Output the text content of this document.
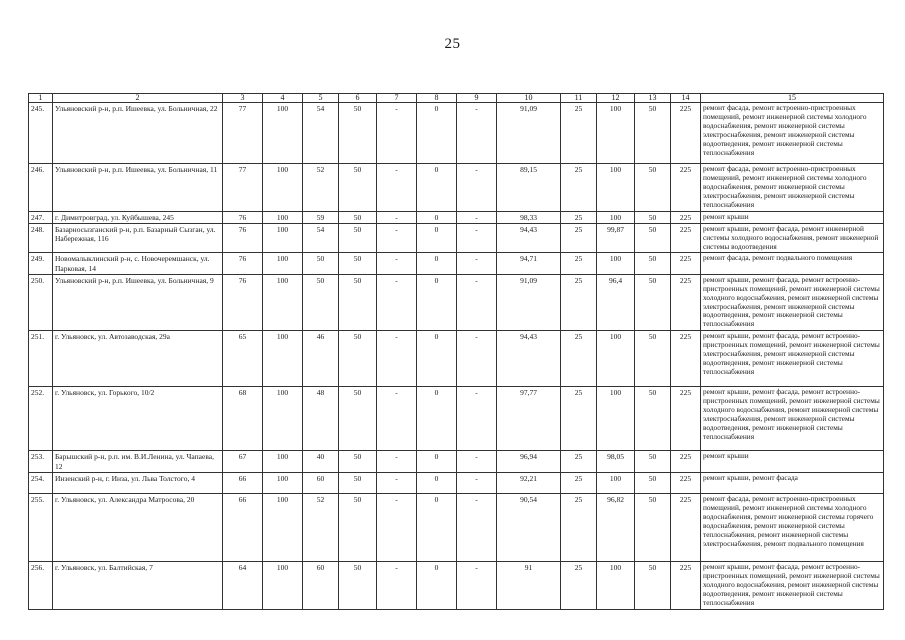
25
1	2	3	4	5	6	7	8	9	10	11	12	13	14	15
245.	Ульяновский р-н, р.п. Ишеевка, ул. Больничная, 22	77	100	54	50	-	0	-	91,09	25	100	50	225	ремонт фасада, ремонт встроенно-пристроенных помещений, ремонт инженерной системы холодного водоснабжения, ремонт инженерной системы электроснабжения, ремонт инженерной системы водоотведения, ремонт инженерной системы теплоснабжения
246.	Ульяновский р-н, р.п. Ишеевка, ул. Больничная, 11	77	100	52	50	-	0	-	89,15	25	100	50	225	ремонт фасада, ремонт встроенно-пристроенных помещений, ремонт инженерной системы холодного водоснабжения, ремонт инженерной системы электроснабжения, ремонт инженерной системы теплоснабжения
247.	г. Димитровград, ул. Куйбышева, 245	76	100	59	50	-	0	-	98,33	25	100	50	225	ремонт крыши
248.	Базарносызганский р-н, р.п. Базарный Сызган, ул. Набережная, 116	76	100	54	50	-	0	-	94,43	25	99,87	50	225	ремонт крыши, ремонт фасада, ремонт инженерной системы холодного водоснабжения, ремонт инженерной системы водоотведения
249.	Новомалыклинский р-н, с. Новочеремшанск, ул. Парковая, 14	76	100	50	50	-	0	-	94,71	25	100	50	225	ремонт фасада, ремонт подвального помещения
250.	Ульяновский р-н, р.п. Ишеевка, ул. Больничная, 9	76	100	50	50	-	0	-	91,09	25	96,4	50	225	ремонт крыши, ремонт фасада, ремонт встроенно-пристроенных помещений, ремонт инженерной системы холодного водоснабжения, ремонт инженерной системы электроснабжения, ремонт инженерной системы водоотведения, ремонт инженерной системы теплоснабжения
251.	г. Ульяновск, ул. Автозаводская, 29а	65	100	46	50	-	0	-	94,43	25	100	50	225	ремонт крыши, ремонт фасада, ремонт встроенно-пристроенных помещений, ремонт инженерной системы электроснабжения, ремонт инженерной системы водоотведения, ремонт инженерной системы теплоснабжения
252.	г. Ульяновск, ул. Горького, 10/2	68	100	48	50	-	0	-	97,77	25	100	50	225	ремонт крыши, ремонт фасада, ремонт встроенно-пристроенных помещений, ремонт инженерной системы холодного водоснабжения, ремонт инженерной системы электроснабжения, ремонт инженерной системы водоотведения, ремонт инженерной системы теплоснабжения
253.	Барышский р-н, р.п. им. В.И.Ленина, ул. Чапаева, 12	67	100	40	50	-	0	-	96,94	25	98,05	50	225	ремонт крыши
254.	Инзенский р-н, г. Инза, ул. Льва Толстого, 4	66	100	60	50	-	0	-	92,21	25	100	50	225	ремонт крыши, ремонт фасада
255.	г. Ульяновск, ул. Александра Матросова, 20	66	100	52	50	-	0	-	90,54	25	96,82	50	225	ремонт фасада, ремонт встроенно-пристроенных помещений, ремонт инженерной системы холодного водоснабжения, ремонт инженерной системы горячего водоснабжения, ремонт инженерной системы теплоснабжения, ремонт инженерной системы электроснабжения, ремонт подвального помещения
256.	г. Ульяновск, ул. Балтийская, 7	64	100	60	50	-	0	-	91	25	100	50	225	ремонт крыши, ремонт фасада, ремонт встроенно-пристроенных помещений, ремонт инженерной системы холодного водоснабжения, ремонт инженерной системы водоотведения, ремонт инженерной системы теплоснабжения
